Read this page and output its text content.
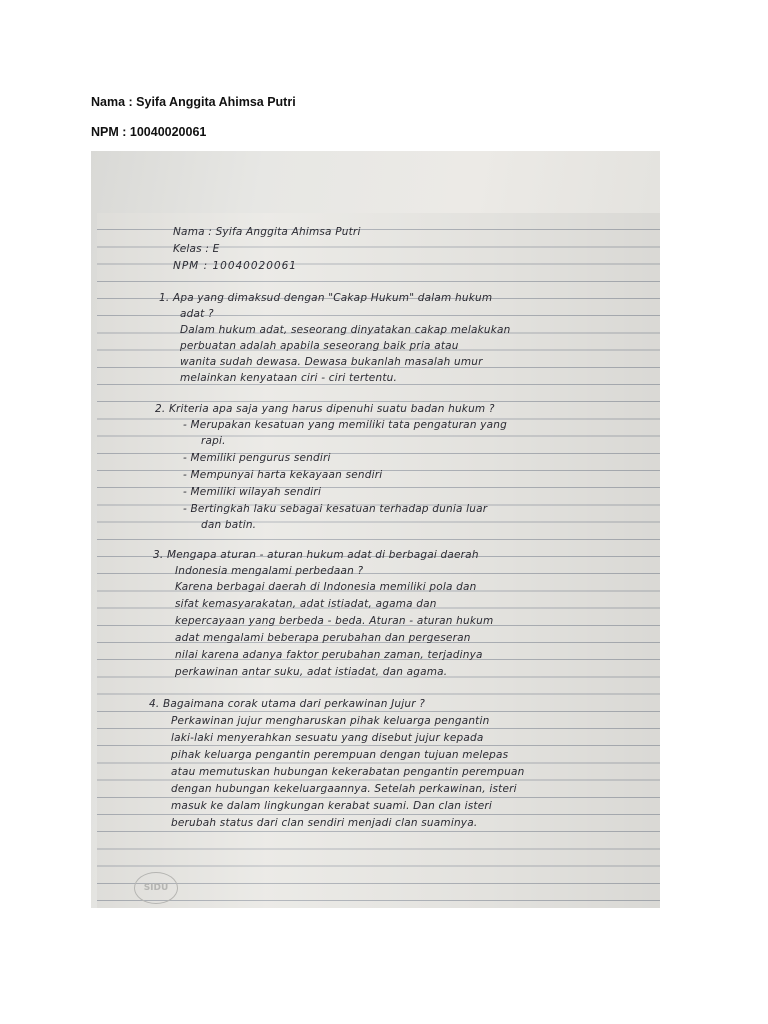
Nama : Syifa Anggita Ahimsa Putri
NPM : 10040020061
Nama : Syifa Anggita Ahimsa Putri
Kelas : E
NPM : 10040020061
1. Apa yang dimaksud dengan "Cakap Hukum" dalam hukum
adat ?
Dalam hukum adat, seseorang dinyatakan cakap melakukan
perbuatan adalah apabila seseorang baik pria atau
wanita sudah dewasa. Dewasa bukanlah masalah umur
melainkan kenyataan ciri - ciri tertentu.
2. Kriteria apa saja yang harus dipenuhi suatu badan hukum ?
- Merupakan kesatuan yang memiliki tata pengaturan yang
rapi.
- Memiliki pengurus sendiri
- Mempunyai harta kekayaan sendiri
- Memiliki wilayah sendiri
- Bertingkah laku sebagai kesatuan terhadap dunia luar
dan batin.
3. Mengapa aturan - aturan hukum adat di berbagai daerah
Indonesia mengalami perbedaan ?
Karena berbagai daerah di Indonesia memiliki pola dan
sifat kemasyarakatan, adat istiadat, agama dan
kepercayaan yang berbeda - beda. Aturan - aturan hukum
adat mengalami beberapa perubahan dan pergeseran
nilai karena adanya faktor perubahan zaman, terjadinya
perkawinan antar suku, adat istiadat, dan agama.
4. Bagaimana corak utama dari perkawinan Jujur ?
Perkawinan jujur mengharuskan pihak keluarga pengantin
laki-laki menyerahkan sesuatu yang disebut jujur kepada
pihak keluarga pengantin perempuan dengan tujuan melepas
atau memutuskan hubungan kekerabatan pengantin perempuan
dengan hubungan kekeluargaannya. Setelah perkawinan, isteri
masuk ke dalam lingkungan kerabat suami. Dan clan isteri
berubah status dari clan sendiri menjadi clan suaminya.
SIDU
